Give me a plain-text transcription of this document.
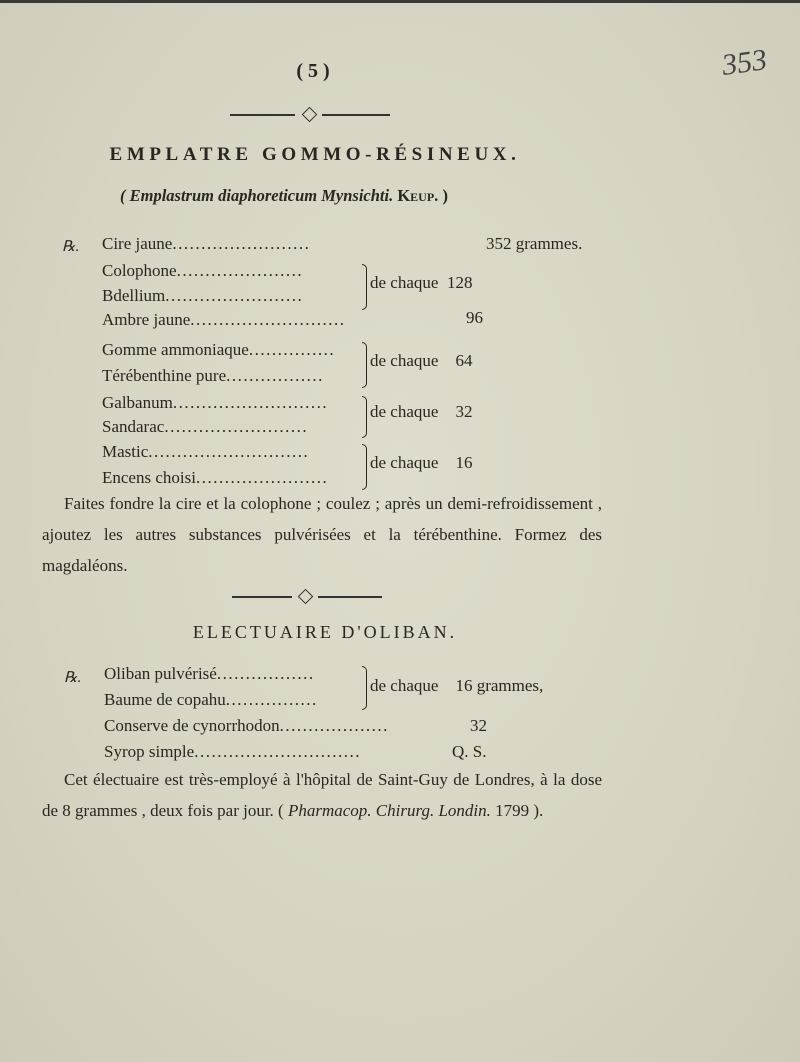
( 5 )	353
EMPLATRE GOMMO-RÉSINEUX.
( Emplastrum diaphoreticum Mynsichti. Keup. )
℞. Cire jaune........................	352 grammes.
Colophone......................
Bdellium........................
de chaque 128
Ambre jaune...........................	96
Gomme ammoniaque...............
Térébenthine pure.................
de chaque 64
Galbanum...........................
Sandarac.........................
de chaque 32
Mastic............................
Encens choisi.......................
de chaque 16

Faites fondre la cire et la colophone ; coulez ; après un demi-refroidissement , ajoutez les autres substances pulvérisées et la térébenthine. Formez des magdaléons.

ELECTUAIRE D'OLIBAN.
℞. Oliban pulvérisé.................
Baume de copahu................
de chaque 16 grammes,
Conserve de cynorrhodon...................	32
Syrop simple.............................	Q. S.

Cet électuaire est très-employé à l'hôpital de Saint-Guy de Londres, à la dose de 8 grammes , deux fois par jour. ( Pharmacop. Chirurg. Londin. 1799 ).
